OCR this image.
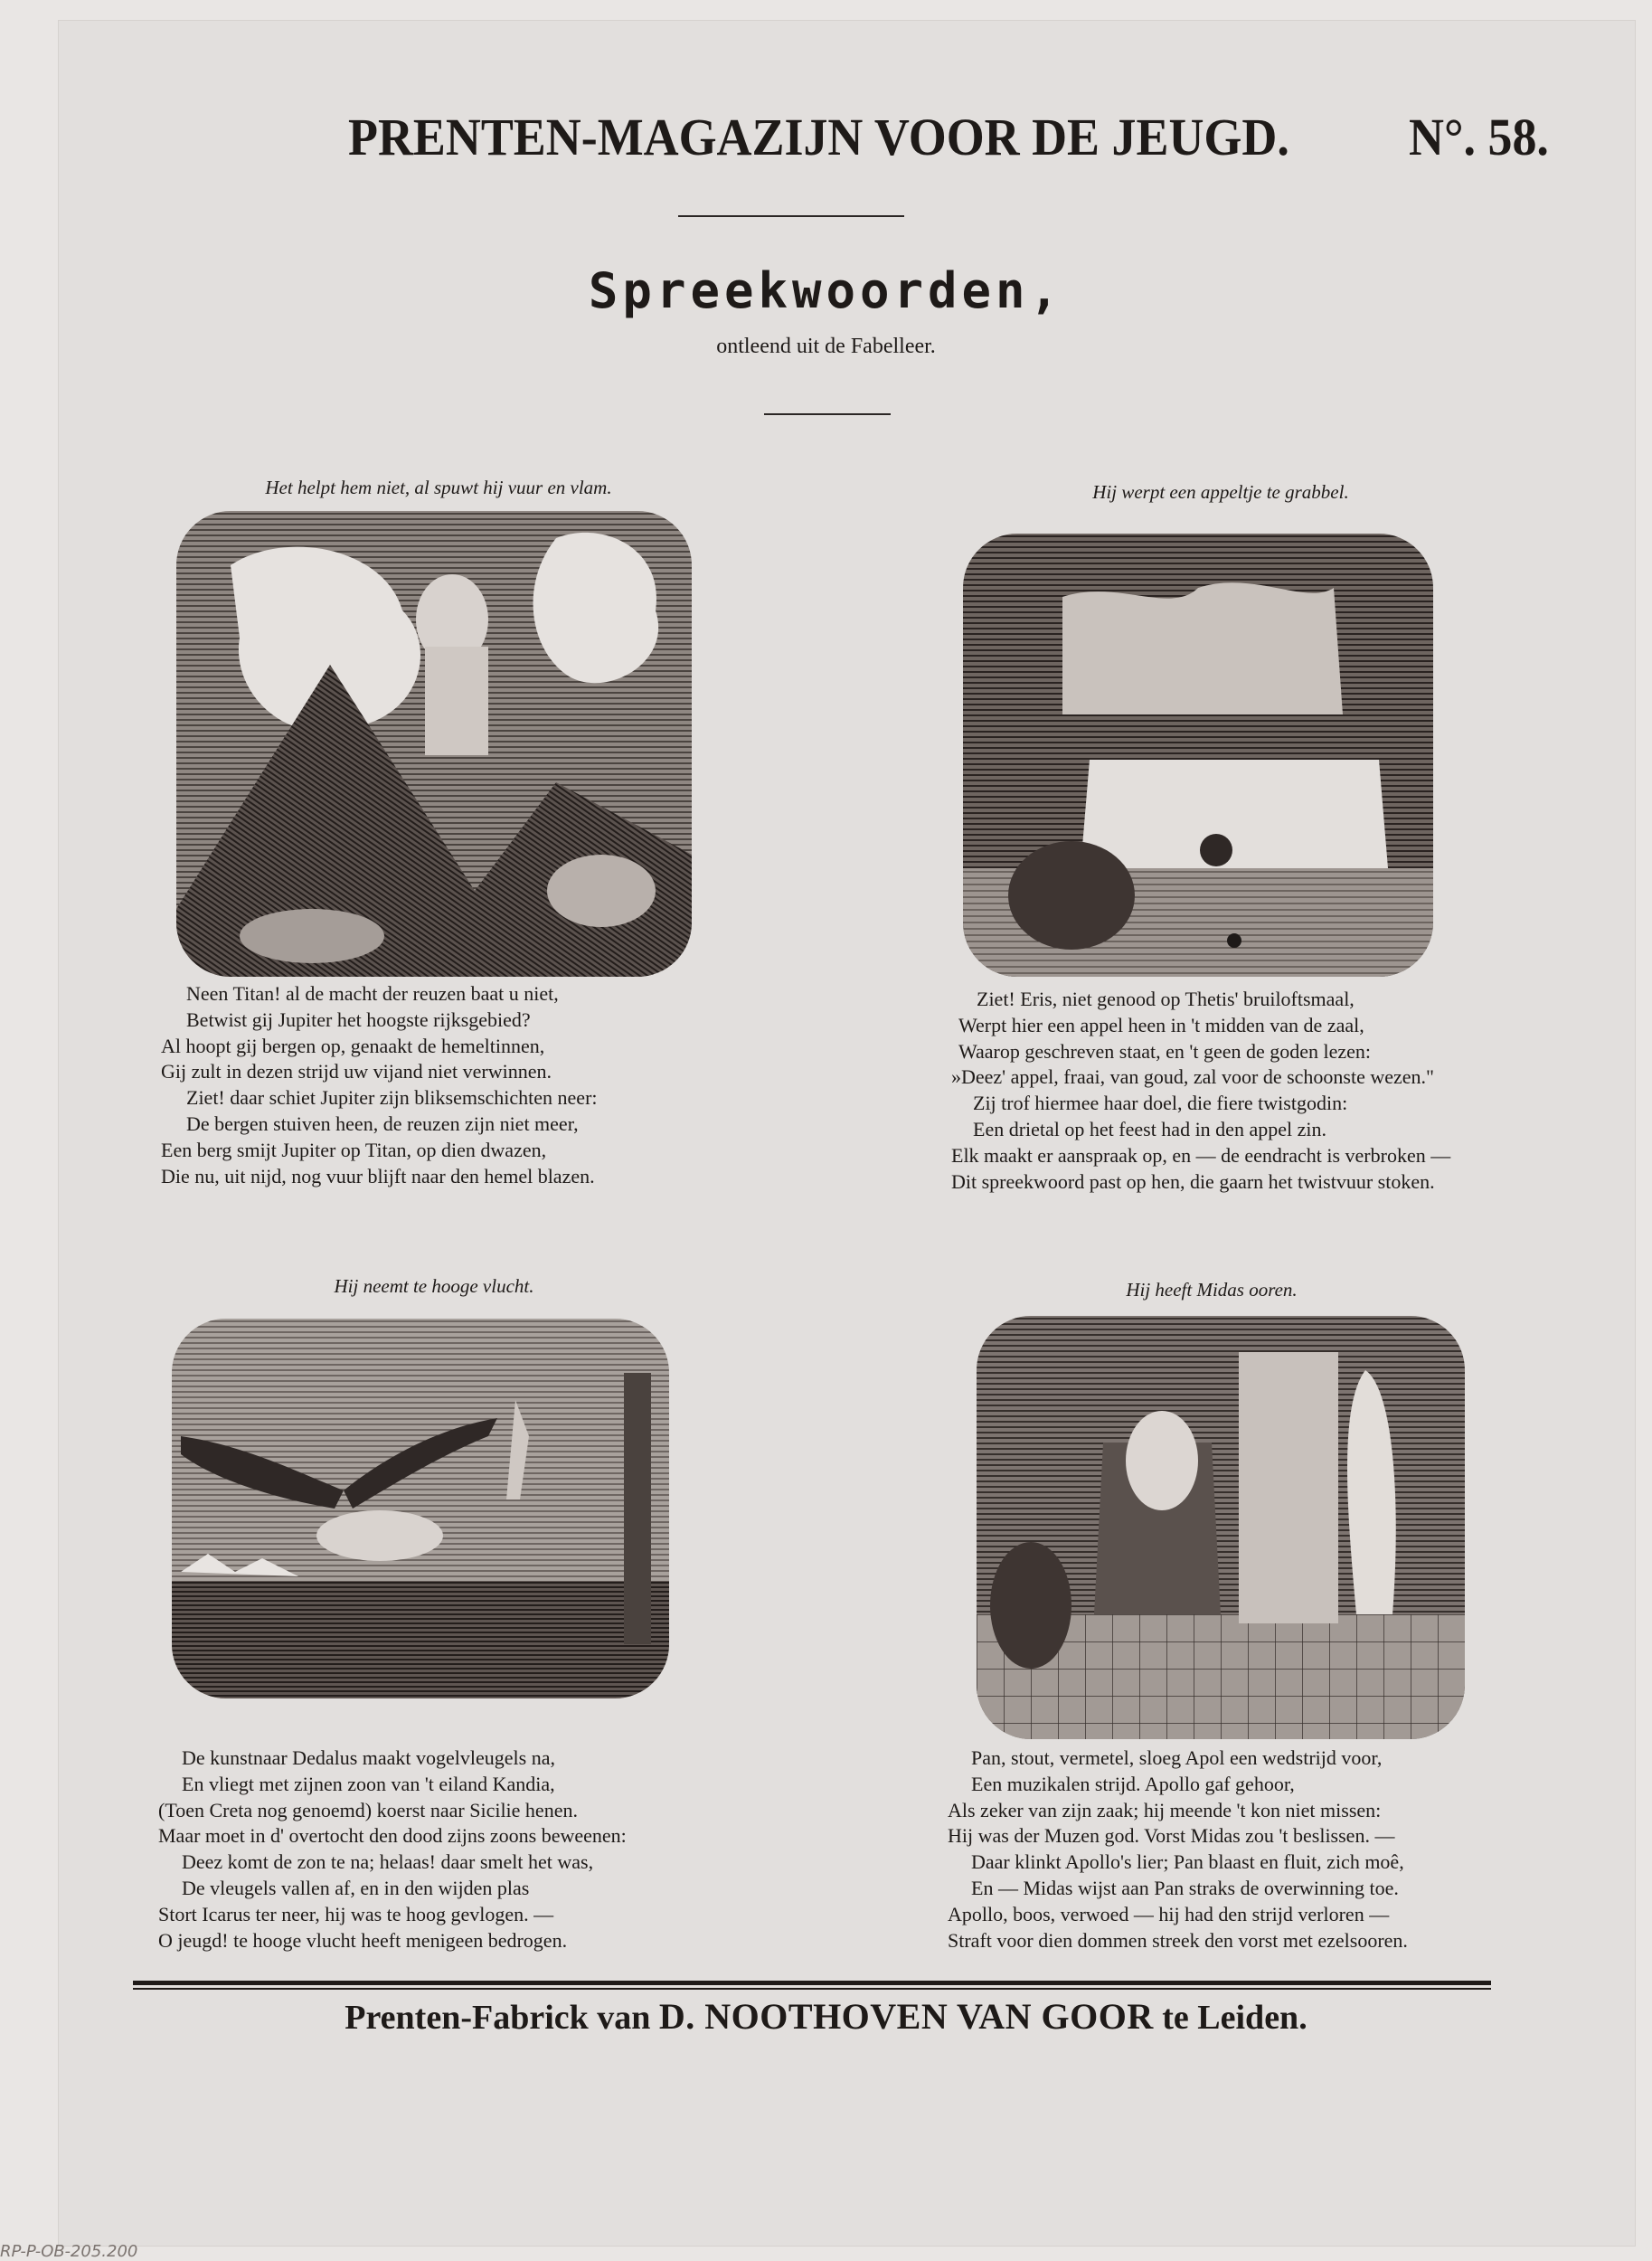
PRENTEN-MAGAZIJN VOOR DE JEUGD. N°. 58.
Spreekwoorden,
ontleend uit de Fabelleer.
Het helpt hem niet, al spuwt hij vuur en vlam.
Neen Titan! al de macht der reuzen baat u niet,
Betwist gij Jupiter het hoogste rijksgebied?
Al hoopt gij bergen op, genaakt de hemeltinnen,
Gij zult in dezen strijd uw vijand niet verwinnen.
Ziet! daar schiet Jupiter zijn bliksemschichten neer:
De bergen stuiven heen, de reuzen zijn niet meer,
Een berg smijt Jupiter op Titan, op dien dwazen,
Die nu, uit nijd, nog vuur blijft naar den hemel blazen.
Hij werpt een appeltje te grabbel.
Ziet! Eris, niet genood op Thetis' bruiloftsmaal,
Werpt hier een appel heen in 't midden van de zaal,
Waarop geschreven staat, en 't geen de goden lezen:
»Deez' appel, fraai, van goud, zal voor de schoonste wezen."
Zij trof hiermee haar doel, die fiere twistgodin:
Een drietal op het feest had in den appel zin.
Elk maakt er aanspraak op, en — de eendracht is verbroken —
Dit spreekwoord past op hen, die gaarn het twistvuur stoken.
Hij neemt te hooge vlucht.
De kunstnaar Dedalus maakt vogelvleugels na,
En vliegt met zijnen zoon van 't eiland Kandia,
(Toen Creta nog genoemd) koerst naar Sicilie henen.
Maar moet in d' overtocht den dood zijns zoons beweenen:
Deez komt de zon te na; helaas! daar smelt het was,
De vleugels vallen af, en in den wijden plas
Stort Icarus ter neer, hij was te hoog gevlogen. —
O jeugd! te hooge vlucht heeft menigeen bedrogen.
Hij heeft Midas ooren.
Pan, stout, vermetel, sloeg Apol een wedstrijd voor,
Een muzikalen strijd. Apollo gaf gehoor,
Als zeker van zijn zaak; hij meende 't kon niet missen:
Hij was der Muzen god. Vorst Midas zou 't beslissen. —
Daar klinkt Apollo's lier; Pan blaast en fluit, zich moê,
En — Midas wijst aan Pan straks de overwinning toe.
Apollo, boos, verwoed — hij had den strijd verloren —
Straft voor dien dommen streek den vorst met ezelsooren.
Prenten-Fabrick van D. NOOTHOVEN VAN GOOR te Leiden.
RP-P-OB-205.200
